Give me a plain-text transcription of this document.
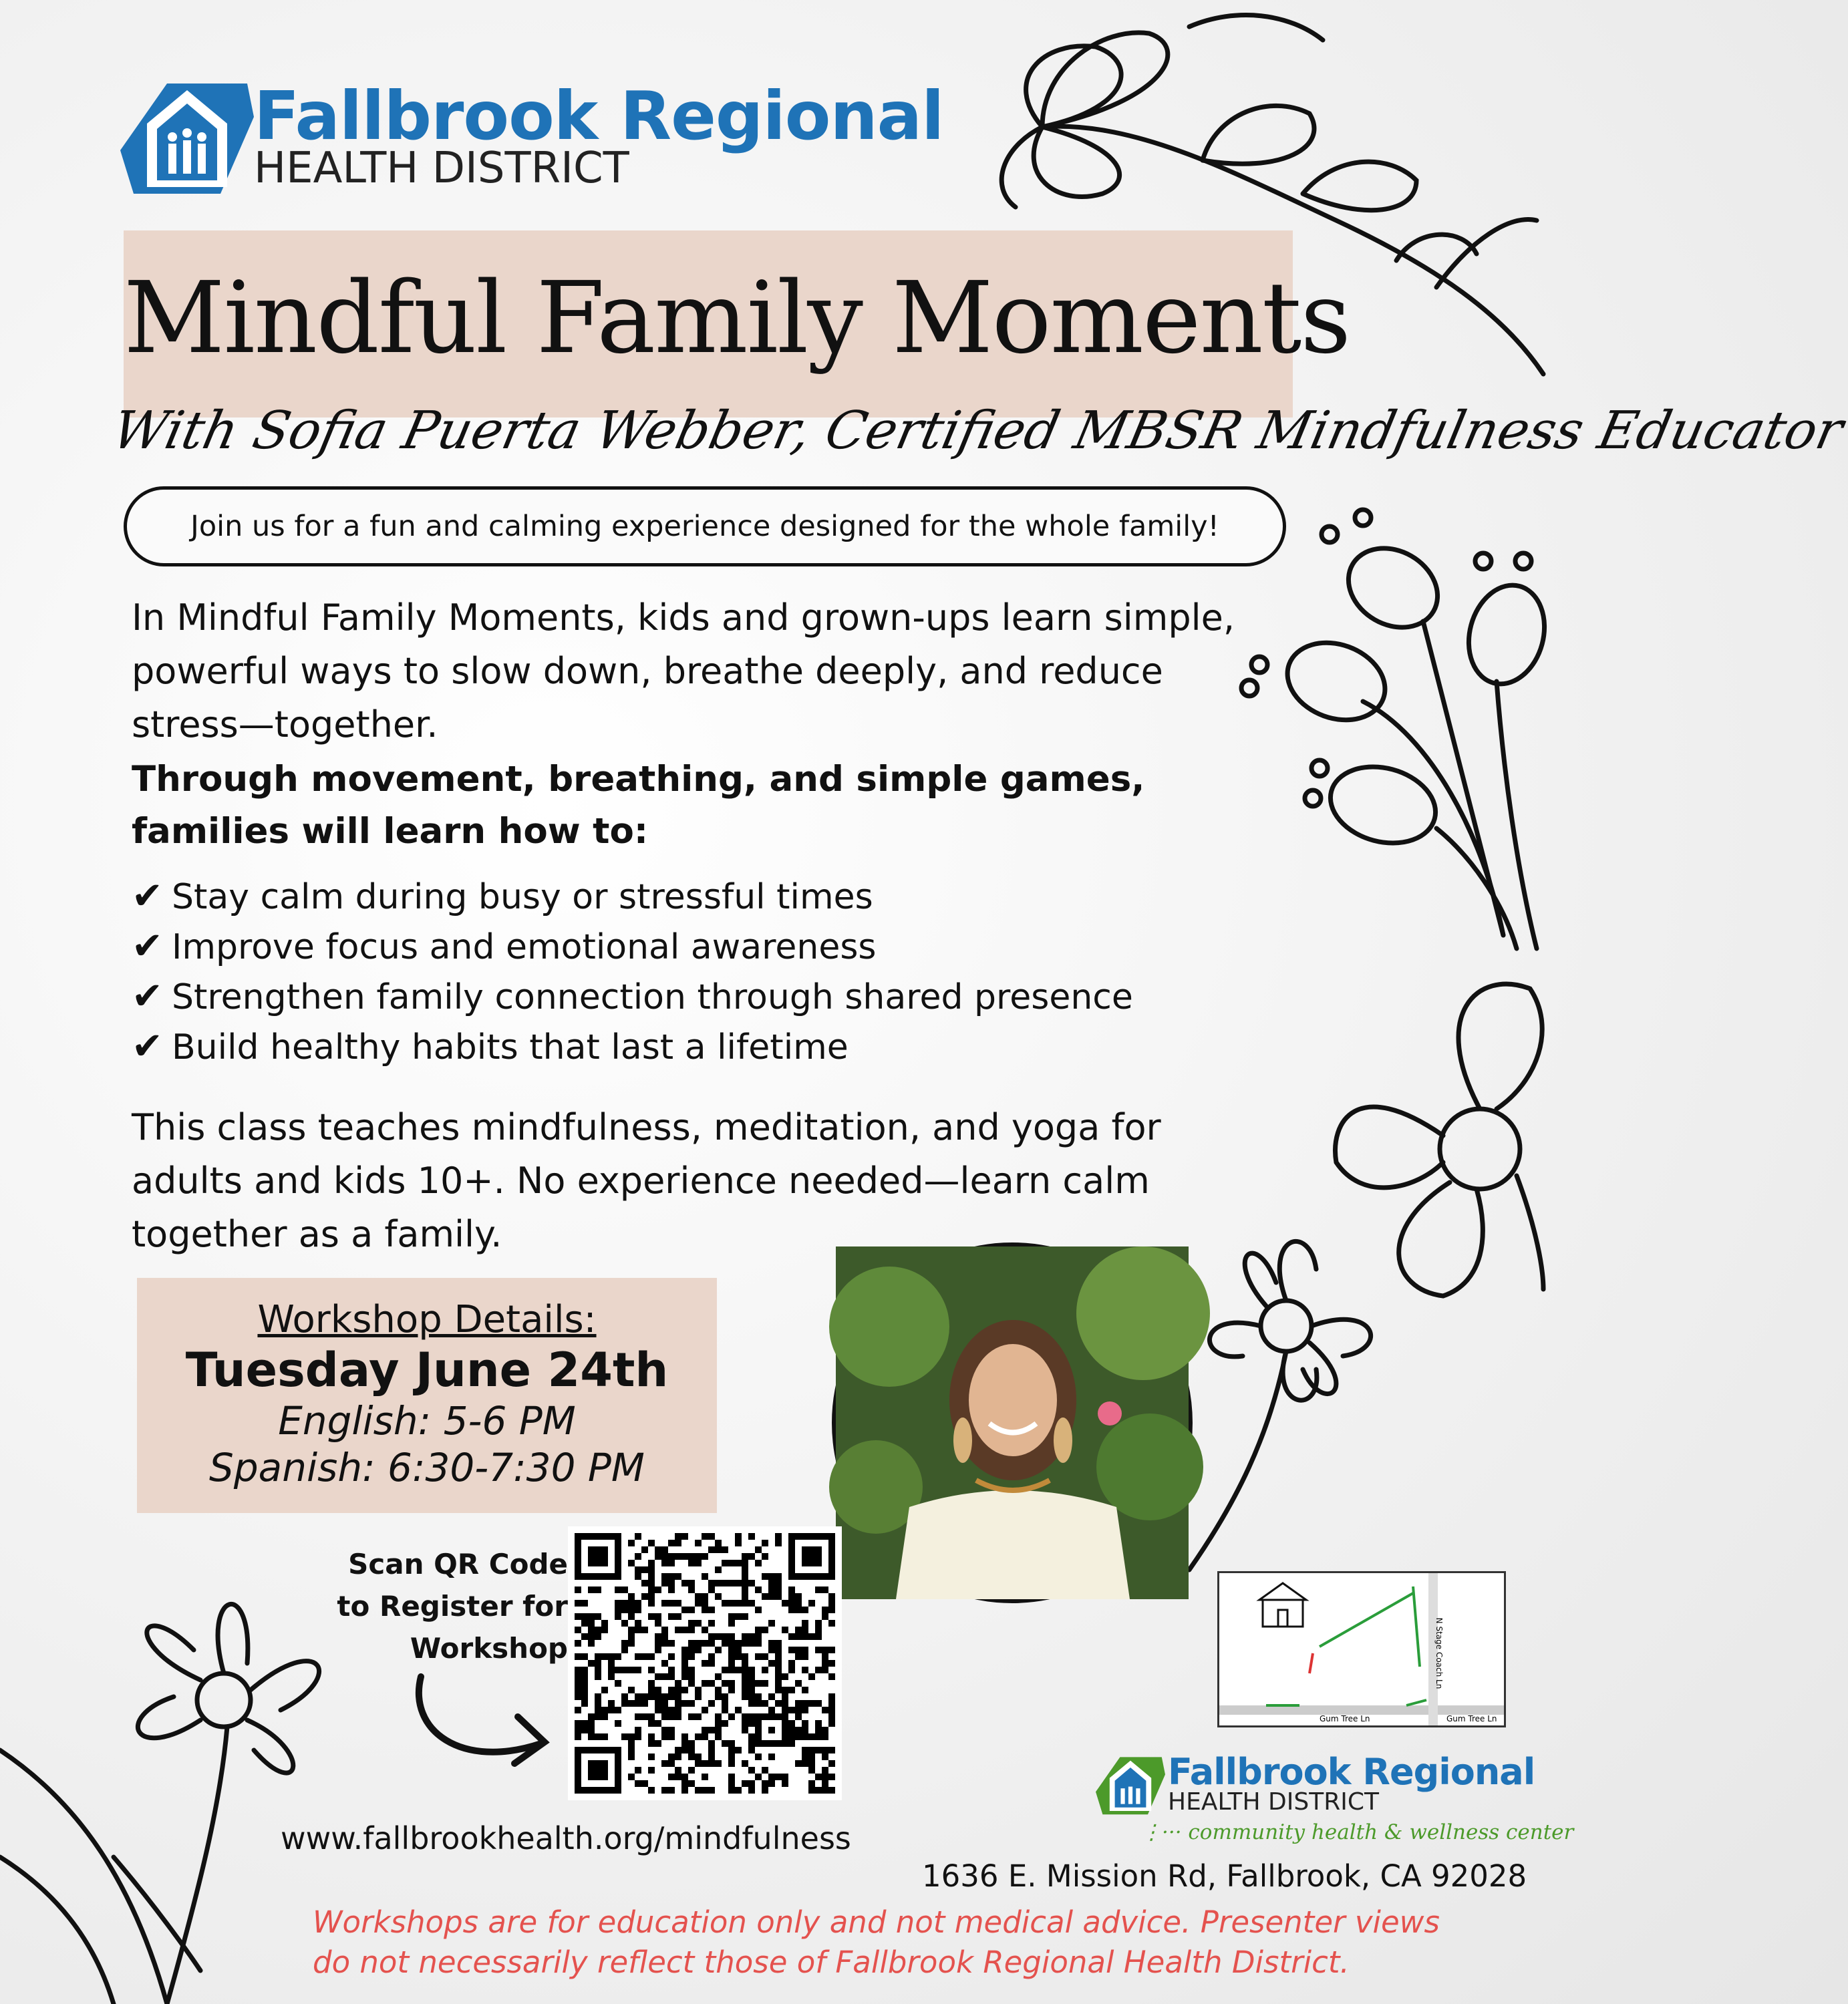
Fallbrook Regional
HEALTH DISTRICT
Mindful Family Moments
With Sofia Puerta Webber, Certified MBSR Mindfulness Educator
Join us for a fun and calming experience designed for the whole family!
In Mindful Family Moments, kids and grown-ups learn simple, powerful ways to slow down, breathe deeply, and reduce stress—together.
Through movement, breathing, and simple games, families will learn how to:
✔ Stay calm during busy or stressful times
✔ Improve focus and emotional awareness
✔ Strengthen family connection through shared presence
✔ Build healthy habits that last a lifetime
This class teaches mindfulness, meditation, and yoga for adults and kids 10+. No experience needed—learn calm together as a family.
Workshop Details:
Tuesday June 24th
English: 5-6 PM
Spanish: 6:30-7:30 PM
Scan QR Code
to Register for
Workshop
www.fallbrookhealth.org/mindfulness
N Stage Coach Ln
Gum Tree Ln	Gum Tree Ln
Fallbrook Regional
HEALTH DISTRICT
⋮··· community health & wellness center
1636 E. Mission Rd, Fallbrook, CA 92028
Workshops are for education only and not medical advice. Presenter views
do not necessarily reflect those of Fallbrook Regional Health District.
